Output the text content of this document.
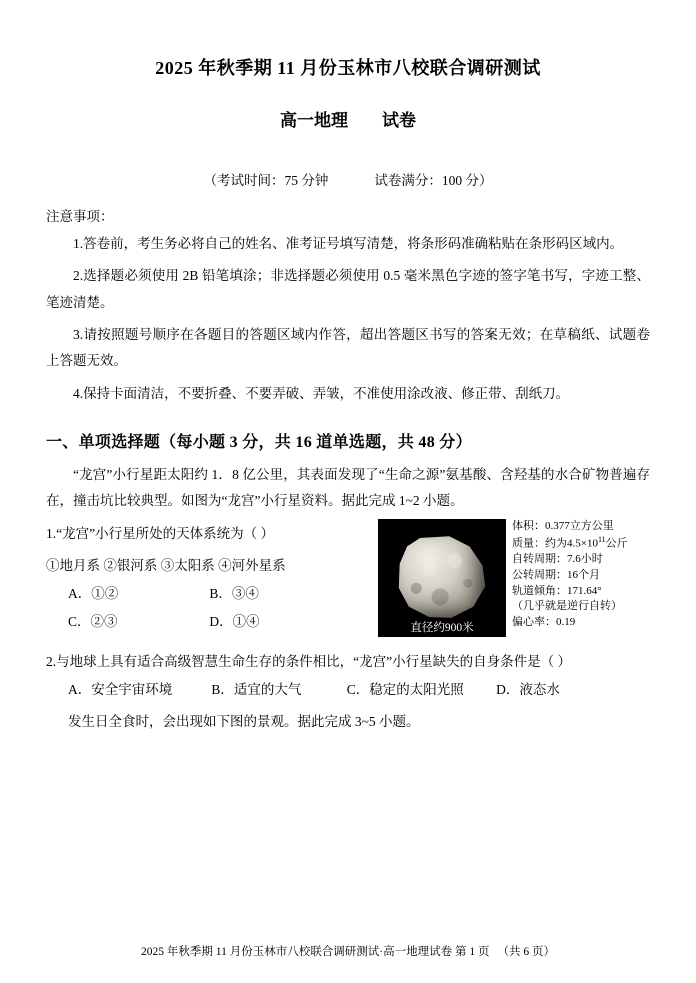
2025 年秋季期 11 月份玉林市八校联合调研测试
高一地理 试卷
（考试时间：75 分钟	试卷满分：100 分）
注意事项：

1.答卷前，考生务必将自己的姓名、准考证号填写清楚，将条形码准确粘贴在条形码区域内。

2.选择题必须使用 2B 铅笔填涂；非选择题必须使用 0.5 毫米黑色字迹的签字笔书写，字迹工整、笔迹清楚。

3.请按照题号顺序在各题目的答题区域内作答，超出答题区书写的答案无效；在草稿纸、试题卷上答题无效。

4.保持卡面清洁，不要折叠、不要弄破、弄皱，不准使用涂改液、修正带、刮纸刀。

一、单项选择题（每小题 3 分，共 16 道单选题，共 48 分）

“龙宫”小行星距太阳约 1．8 亿公里，其表面发现了“生命之源”氨基酸、含羟基的水合矿物普遍存在，撞击坑比较典型。如图为“龙宫”小行星资料。据此完成 1~2 小题。

直径约900米
体积：0.377立方公里
质量：约为$4.5\times 10^{11}$公斤
自转周期：7.6小时
公转周期：16个月
轨道倾角：171.64°
（几乎就是逆行自转）
偏心率：0.19
1.“龙宫”小行星所处的天体系统为（ ）
①地月系 ②银河系 ③太阳系 ④河外星系
A．①②	B．③④
C．②③	D．①④
2.与地球上具有适合高级智慧生命生存的条件相比，“龙宫”小行星缺失的自身条件是（ ）
A．安全宇宙环境	B．适宜的大气	C．稳定的太阳光照 D．液态水
发生日全食时，会出现如下图的景观。据此完成 3~5 小题。
2025 年秋季期 11 月份玉林市八校联合调研测试·高一地理试卷 第 1 页 （共 6 页）
